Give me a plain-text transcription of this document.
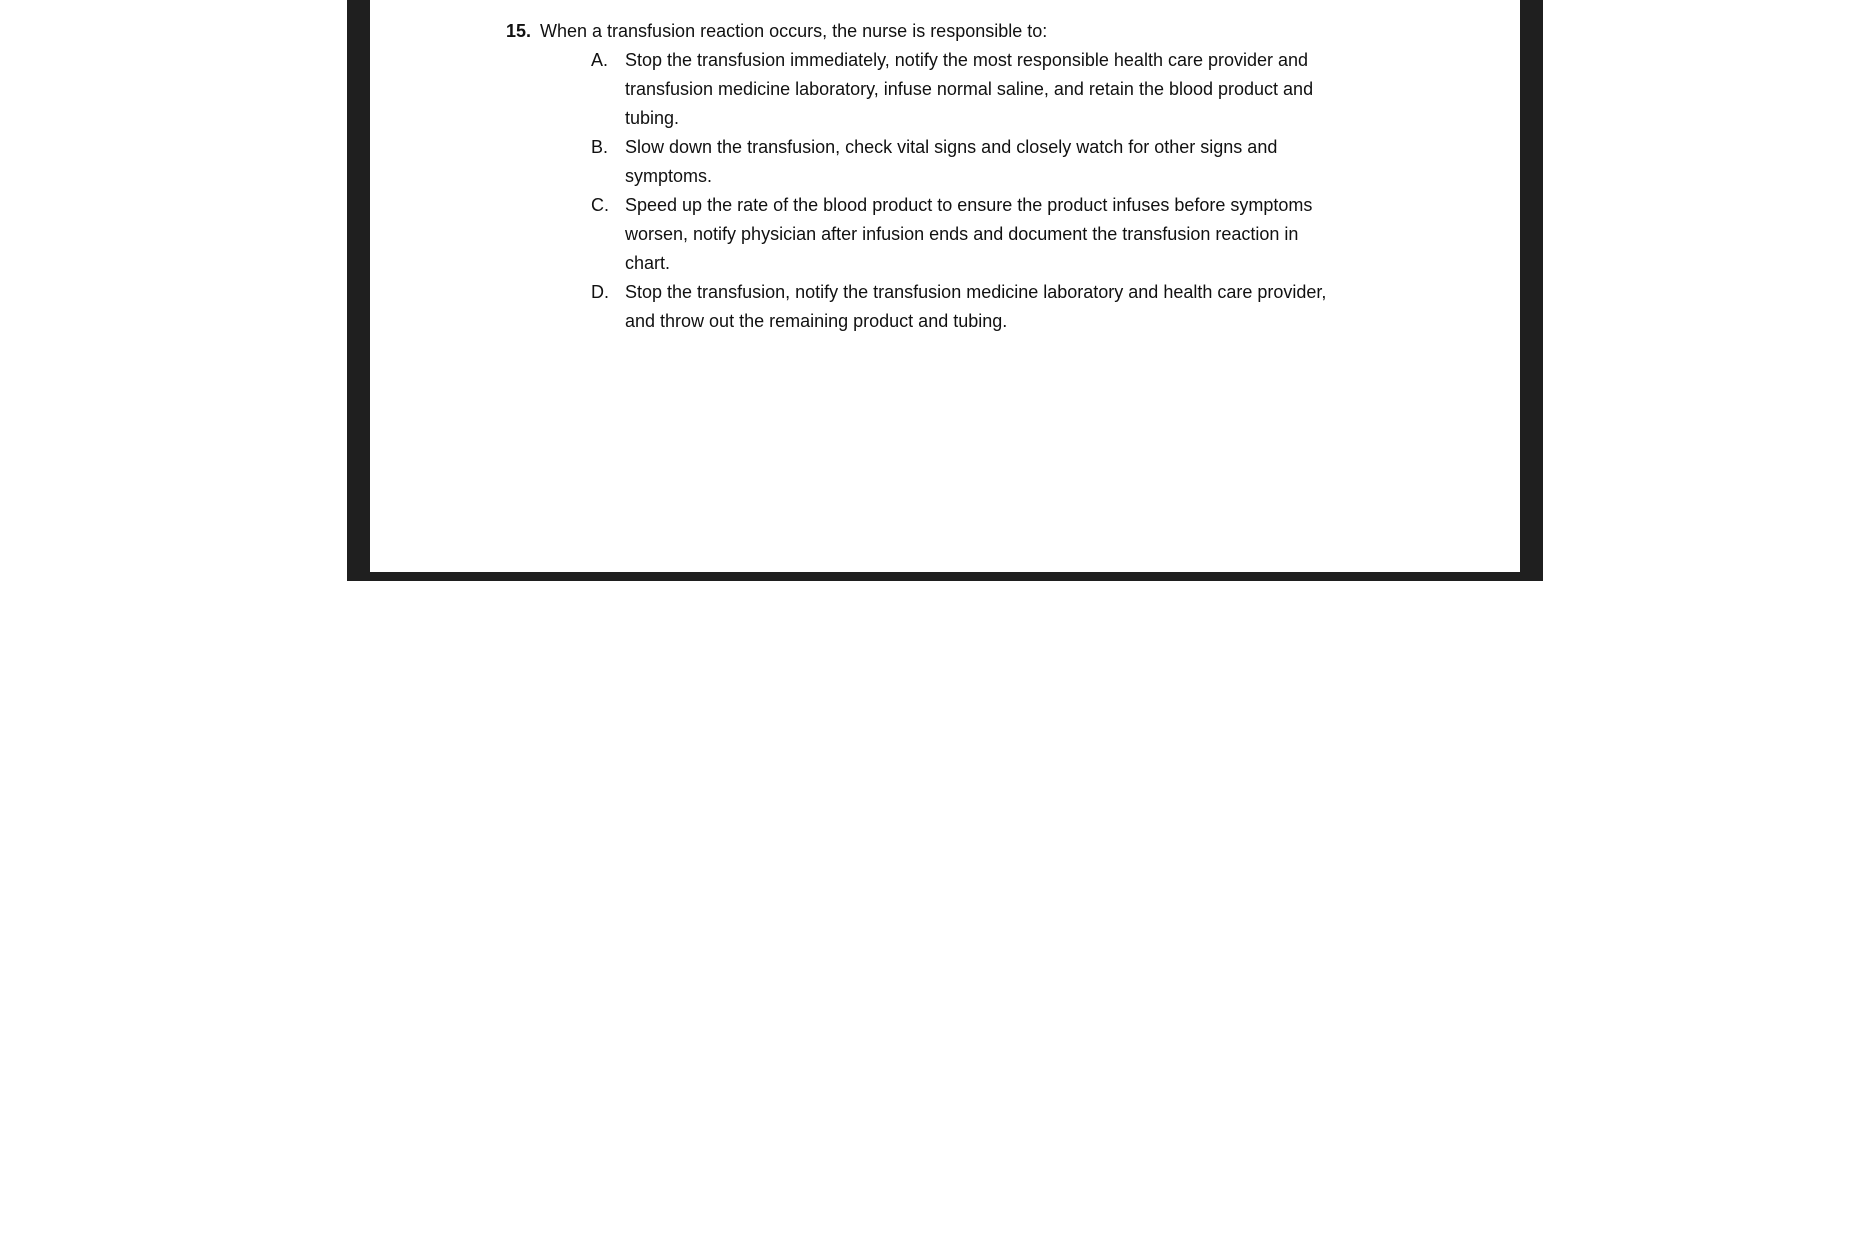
15. When a transfusion reaction occurs, the nurse is responsible to:
A. Stop the transfusion immediately, notify the most responsible health care provider and
transfusion medicine laboratory, infuse normal saline, and retain the blood product and
tubing.
B. Slow down the transfusion, check vital signs and closely watch for other signs and
symptoms.
C. Speed up the rate of the blood product to ensure the product infuses before symptoms
worsen, notify physician after infusion ends and document the transfusion reaction in
chart.
D. Stop the transfusion, notify the transfusion medicine laboratory and health care provider,
and throw out the remaining product and tubing.
